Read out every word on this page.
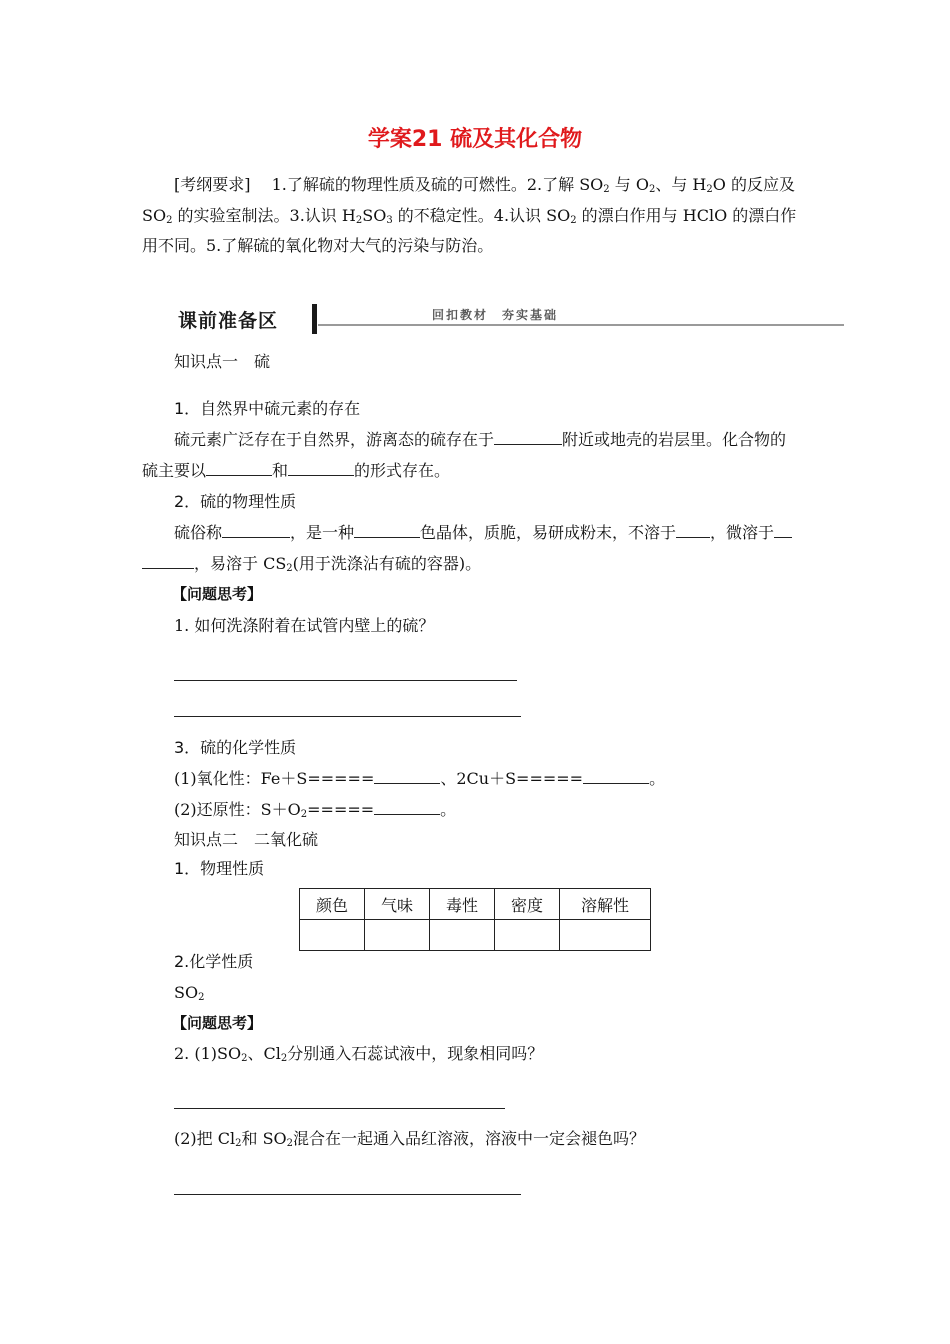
学案21 硫及其化合物
[考纲要求]　 1.了解硫的物理性质及硫的可燃性。2.了解 $SO_2$ 与 $O_2$、与 $H_2O$ 的反应及 $SO_2$ 的实验室制法。3.认识 $H_2SO_3$ 的不稳定性。4.认识 $SO_2$ 的漂白作用与 HClO 的漂白作用不同。5.了解硫的氧化物对大气的污染与防治。
课前准备区	回扣教材　夯实基础
知识点一　硫
1．自然界中硫元素的存在
硫元素广泛存在于自然界，游离态的硫存在于	附近或地壳的岩层里。化合物的
硫主要以	和	的形式存在。
2．硫的物理性质
硫俗称	，是一种	色晶体，质脆，易研成粉末，不溶于 ，微溶于
，易溶于 $CS_2$(用于洗涤沾有硫的容器)。
【问题思考】
1. 如何洗涤附着在试管内壁上的硫？
3．硫的化学性质
(1)氧化性：Fe＋S=====	、2Cu＋S=====	。
(2)还原性：$S+O_2=====$	。
知识点二　二氧化硫
1．物理性质
颜色	气味	毒性	密度	溶解性

2.化学性质
$SO_2$
【问题思考】
2. $(1)SO_2$、$Cl_2$分别通入石蕊试液中，现象相同吗？
(2)把 $Cl_2$和 $SO_2$混合在一起通入品红溶液，溶液中一定会褪色吗？
